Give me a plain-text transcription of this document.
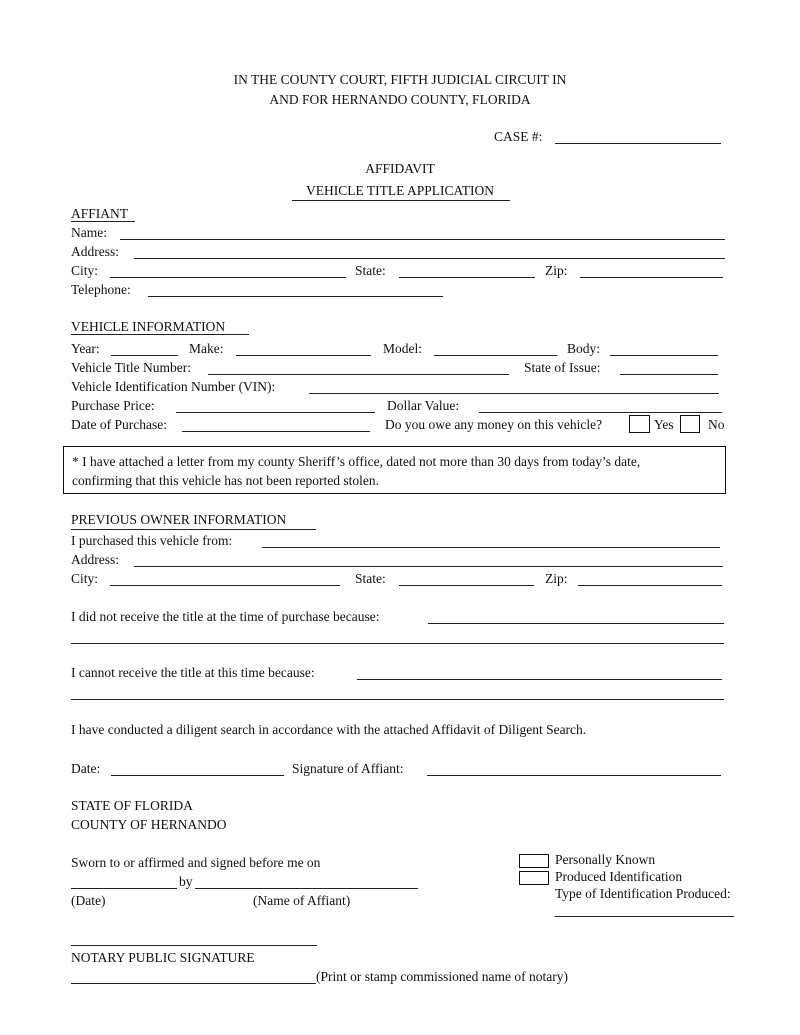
IN THE COUNTY COURT, FIFTH JUDICIAL CIRCUIT IN
AND FOR HERNANDO COUNTY, FLORIDA
CASE #:
AFFIDAVIT
VEHICLE TITLE APPLICATION
AFFIANT
Name:
Address:
City:	State:	Zip:
Telephone:
VEHICLE INFORMATION
Year:	Make:	Model:	Body:
Vehicle Title Number:	State of Issue:
Vehicle Identification Number (VIN):
Purchase Price:	Dollar Value:
Date of Purchase:	Do you owe any money on this vehicle?	Yes	No
* I have attached a letter from my county Sheriff’s office, dated not more than 30 days from today’s date,
confirming that this vehicle has not been reported stolen.
PREVIOUS OWNER INFORMATION
I purchased this vehicle from:
Address:
City:	State:	Zip:
I did not receive the title at the time of purchase because:
I cannot receive the title at this time because:
I have conducted a diligent search in accordance with the attached Affidavit of Diligent Search.
Date:	Signature of Affiant:
STATE OF FLORIDA
COUNTY OF HERNANDO
Sworn to or affirmed and signed before me on
by
(Date)	(Name of Affiant)
Personally Known
Produced Identification
Type of Identification Produced:
NOTARY PUBLIC SIGNATURE
(Print or stamp commissioned name of notary)
